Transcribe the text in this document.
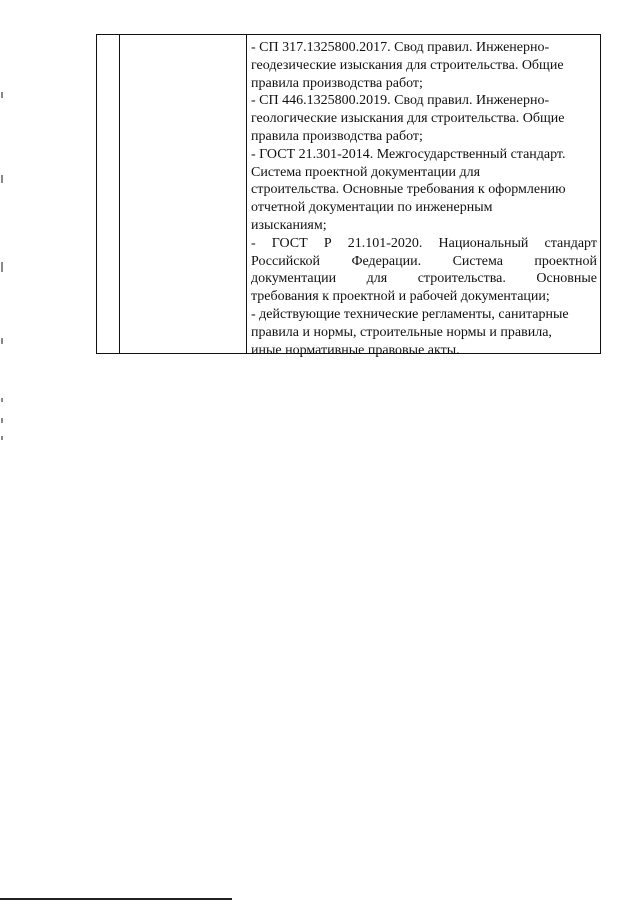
- СП 317.1325800.2017. Свод правил. Инженерно-
геодезические изыскания для строительства. Общие
правила производства работ;
- СП 446.1325800.2019. Свод правил. Инженерно-
геологические изыскания для строительства. Общие
правила производства работ;
- ГОСТ 21.301-2014. Межгосударственный стандарт.
Система проектной документации для
строительства. Основные требования к оформлению
отчетной документации по инженерным
изысканиям;
- ГОСТ Р 21.101-2020. Национальный стандарт
Российской Федерации. Система проектной
документации для строительства. Основные
требования к проектной и рабочей документации;
- действующие технические регламенты, санитарные
правила и нормы, строительные нормы и правила,
иные нормативные правовые акты.
